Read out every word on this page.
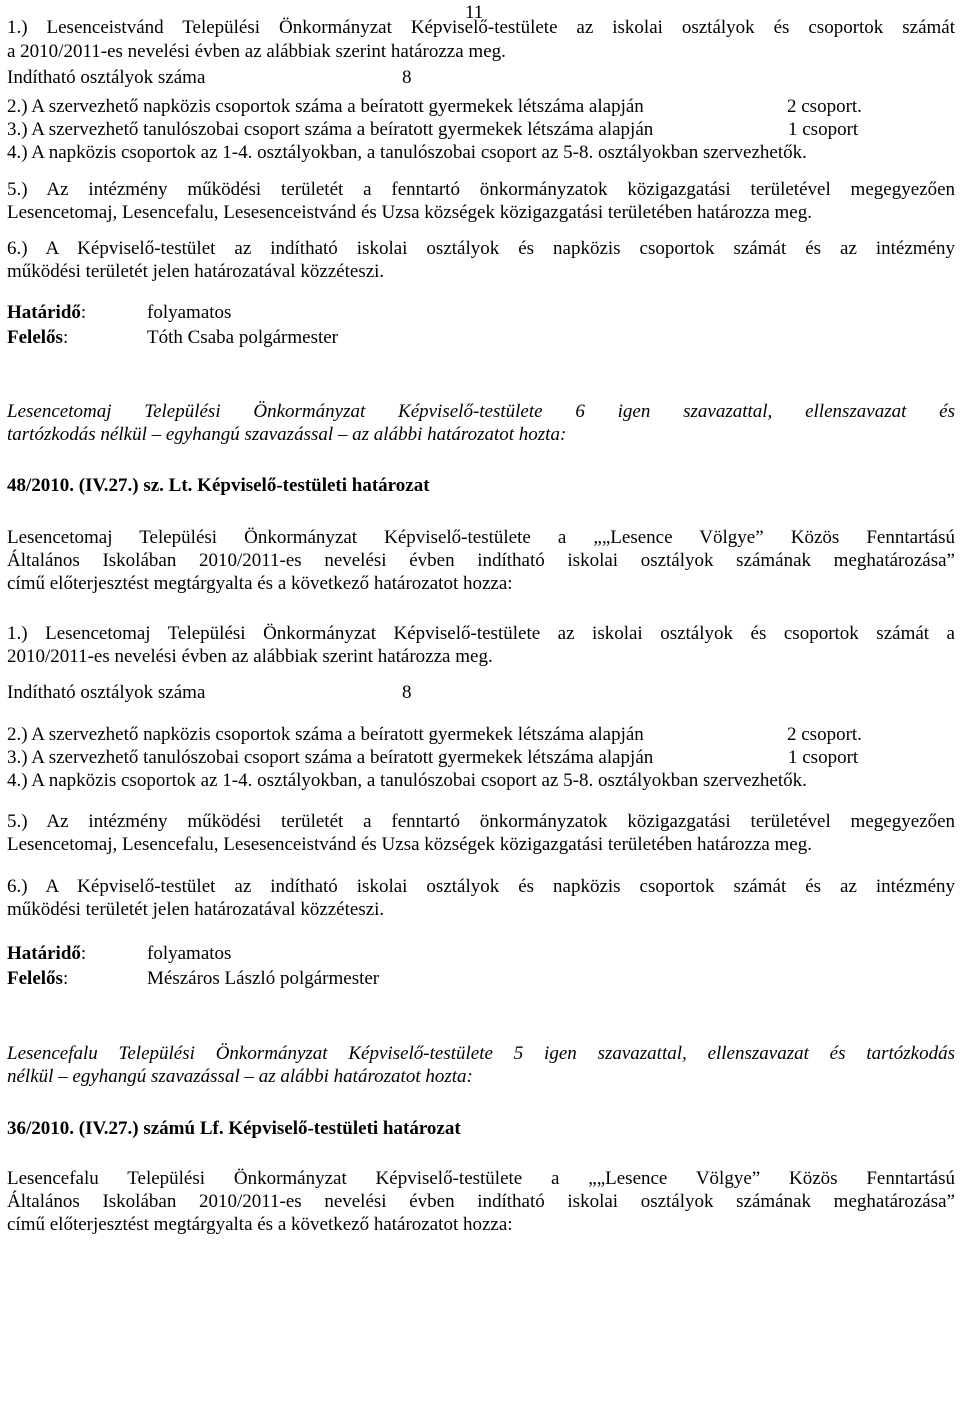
11
1.) Lesenceistvánd Települési Önkormányzat Képviselő-testülete az iskolai osztályok és csoportok számát
a 2010/2011-es nevelési évben az alábbiak szerint határozza meg.
Indítható osztályok száma	8
2.) A szervezhető napközis csoportok száma a beíratott gyermekek létszáma alapján	2 csoport.
3.) A szervezhető tanulószobai csoport száma a beíratott gyermekek létszáma alapján	1 csoport
4.) A napközis csoportok az 1-4. osztályokban, a tanulószobai csoport az 5-8. osztályokban szervezhetők.
5.) Az intézmény működési területét a fenntartó önkormányzatok közigazgatási területével megegyezően
Lesencetomaj, Lesencefalu, Lesesenceistvánd és Uzsa községek közigazgatási területében határozza meg.
6.) A Képviselő-testület az indítható iskolai osztályok és napközis csoportok számát és az intézmény
működési területét jelen határozatával közzéteszi.
Határidő:	folyamatos
Felelős:	Tóth Csaba polgármester
Lesencetomaj Települési Önkormányzat Képviselő-testülete 6 igen szavazattal, ellenszavazat és
tartózkodás nélkül – egyhangú szavazással – az alábbi határozatot hozta:
48/2010. (IV.27.) sz. Lt. Képviselő-testületi határozat
Lesencetomaj Települési Önkormányzat Képviselő-testülete a „„Lesence Völgye” Közös Fenntartású
Általános Iskolában 2010/2011-es nevelési évben indítható iskolai osztályok számának meghatározása”
című előterjesztést megtárgyalta és a következő határozatot hozza:
1.) Lesencetomaj Települési Önkormányzat Képviselő-testülete az iskolai osztályok és csoportok számát a
2010/2011-es nevelési évben az alábbiak szerint határozza meg.
Indítható osztályok száma	8
2.) A szervezhető napközis csoportok száma a beíratott gyermekek létszáma alapján	2 csoport.
3.) A szervezhető tanulószobai csoport száma a beíratott gyermekek létszáma alapján	1 csoport
4.) A napközis csoportok az 1-4. osztályokban, a tanulószobai csoport az 5-8. osztályokban szervezhetők.
5.) Az intézmény működési területét a fenntartó önkormányzatok közigazgatási területével megegyezően
Lesencetomaj, Lesencefalu, Lesesenceistvánd és Uzsa községek közigazgatási területében határozza meg.
6.) A Képviselő-testület az indítható iskolai osztályok és napközis csoportok számát és az intézmény
működési területét jelen határozatával közzéteszi.
Határidő:	folyamatos
Felelős:	Mészáros László polgármester
Lesencefalu Települési Önkormányzat Képviselő-testülete 5 igen szavazattal, ellenszavazat és tartózkodás
nélkül – egyhangú szavazással – az alábbi határozatot hozta:
36/2010. (IV.27.) számú Lf. Képviselő-testületi határozat
Lesencefalu Települési Önkormányzat Képviselő-testülete a „„Lesence Völgye” Közös Fenntartású
Általános Iskolában 2010/2011-es nevelési évben indítható iskolai osztályok számának meghatározása”
című előterjesztést megtárgyalta és a következő határozatot hozza:
